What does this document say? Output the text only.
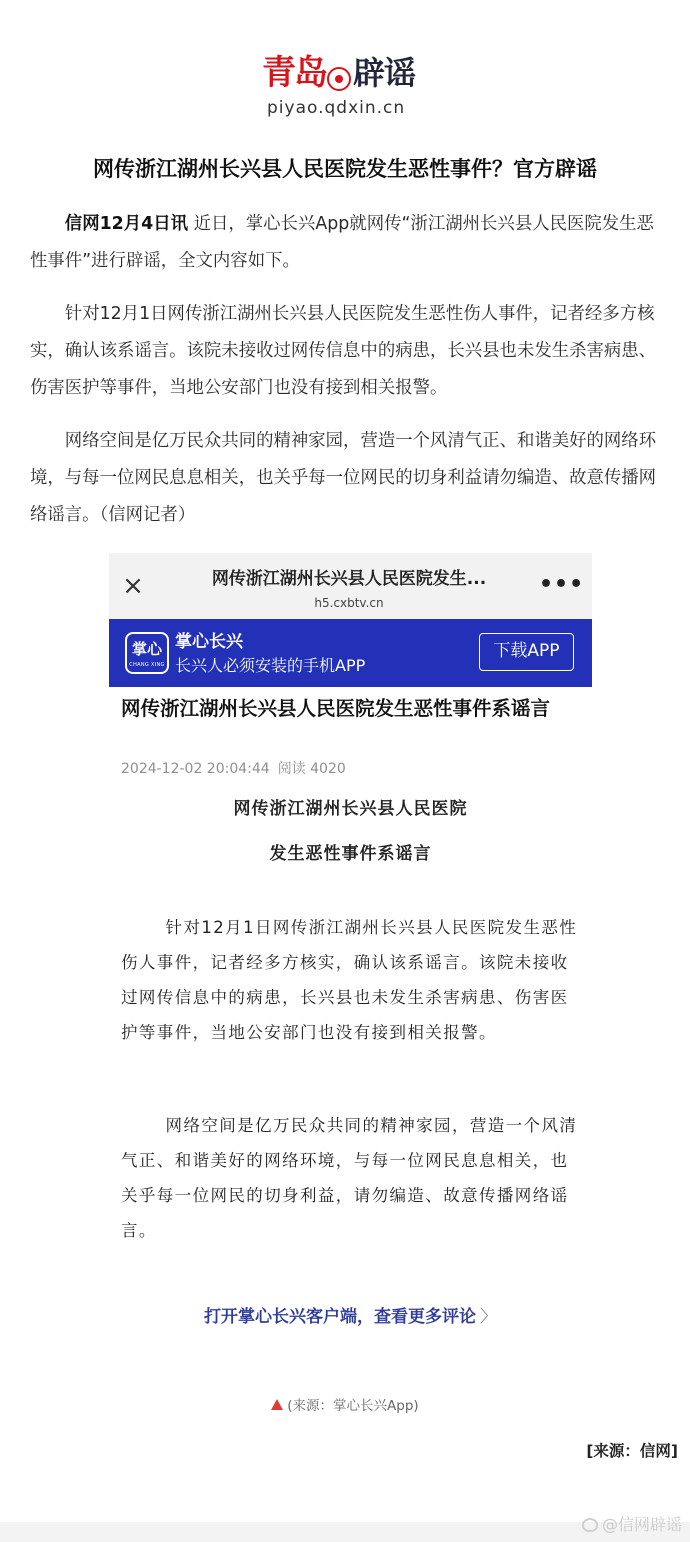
青岛 辟谣
piyao.qdxin.cn
网传浙江湖州长兴县人民医院发生恶性事件？官方辟谣

信网12月4日讯 近日，掌心长兴App就网传“浙江湖州长兴县人民医院发生恶性事件”进行辟谣，全文内容如下。

针对12月1日网传浙江湖州长兴县人民医院发生恶性伤人事件，记者经多方核实，确认该系谣言。该院未接收过网传信息中的病患，长兴县也未发生杀害病患、伤害医护等事件，当地公安部门也没有接到相关报警。

网络空间是亿万民众共同的精神家园，营造一个风清气正、和谐美好的网络环境，与每一位网民息息相关，也关乎每一位网民的切身利益请勿编造、故意传播网络谣言。（信网记者）

×	网传浙江湖州长兴县人民医院发生...
h5.cxbtv.cn
•••
掌心
CHANG XING
掌心长兴
长兴人必须安装的手机APP
下载APP
网传浙江湖州长兴县人民医院发生恶性事件系谣言
2024-12-02 20:04:44 阅读 4020
网传浙江湖州长兴县人民医院
发生恶性事件系谣言

针对12月1日网传浙江湖州长兴县人民医院发生恶性伤人事件，记者经多方核实，确认该系谣言。该院未接收过网传信息中的病患，长兴县也未发生杀害病患、伤害医护等事件，当地公安部门也没有接到相关报警。

网络空间是亿万民众共同的精神家园，营造一个风清气正、和谐美好的网络环境，与每一位网民息息相关，也关乎每一位网民的切身利益，请勿编造、故意传播网络谣言。

打开掌心长兴客户端，查看更多评论 〉
(来源：掌心长兴App)
[来源：信网]
@信网辟谣
